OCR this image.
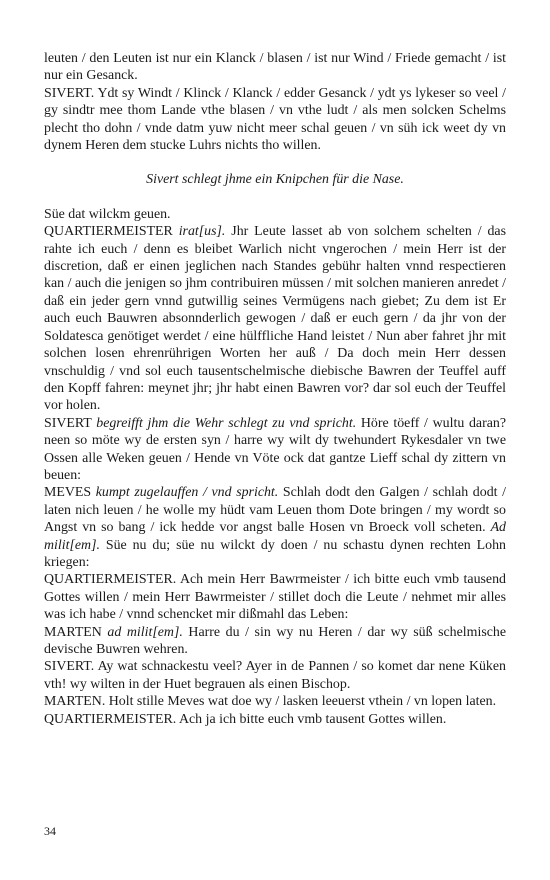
leuten / den Leuten ist nur ein Klanck / blasen / ist nur Wind / Friede gemacht / ist nur ein Gesanck.
SIVERT. Ydt sy Windt / Klinck / Klanck / edder Gesanck / ydt ys lykeser so veel / gy sindtr mee thom Lande vthe blasen / vn vthe ludt / als men solcken Schelms plecht tho dohn / vnde datm yuw nicht meer schal geuen / vn süh ick weet dy vn dynem Heren dem stucke Luhrs nichts tho willen.
Sivert schlegt jhme ein Knipchen für die Nase.
Süe dat wilckm geuen.
QUARTIERMEISTER irat[us]. Jhr Leute lasset ab von solchem schelten / das rahte ich euch / denn es bleibet Warlich nicht vngerochen / mein Herr ist der discretion, daß er einen jeglichen nach Standes gebühr halten vnnd respectieren kan / auch die jenigen so jhm contribuiren müssen / mit solchen manieren anredet / daß ein jeder gern vnnd gutwillig seines Vermügens nach giebet; Zu dem ist Er auch euch Bauwren absonnderlich gewogen / daß er euch gern / da jhr von der Soldatesca genötiget werdet / eine hülffliche Hand leistet / Nun aber fahret jhr mit solchen losen ehrenrührigen Worten her auß / Da doch mein Herr dessen vnschuldig / vnd sol euch tausentschelmische diebische Bawren der Teuffel auff den Kopff fahren: meynet jhr; jhr habt einen Bawren vor? dar sol euch der Teuffel vor holen.
SIVERT begreifft jhm die Wehr schlegt zu vnd spricht. Höre töeff / wultu daran? neen so möte wy de ersten syn / harre wy wilt dy twehundert Rykesdaler vn twe Ossen alle Weken geuen / Hende vn Vöte ock dat gantze Lieff schal dy zittern vn beuen:
MEVES kumpt zugelauffen / vnd spricht. Schlah dodt den Galgen / schlah dodt / laten nich leuen / he wolle my hüdt vam Leuen thom Dote bringen / my wordt so Angst vn so bang / ick hedde vor angst balle Hosen vn Broeck voll scheten. Ad milit[em]. Süe nu du; süe nu wilckt dy doen / nu schastu dynen rechten Lohn kriegen:
QUARTIERMEISTER. Ach mein Herr Bawrmeister / ich bitte euch vmb tausend Gottes willen / mein Herr Bawrmeister / stillet doch die Leute / nehmet mir alles was ich habe / vnnd schencket mir dißmahl das Leben:
MARTEN ad milit[em]. Harre du / sin wy nu Heren / dar wy süß schelmische devische Buwren wehren.
SIVERT. Ay wat schnackestu veel? Ayer in de Pannen / so komet dar nene Küken vth! wy wilten in der Huet begrauen als einen Bischop.
MARTEN. Holt stille Meves wat doe wy / lasken leeuerst vthein / vn lopen laten.
QUARTIERMEISTER. Ach ja ich bitte euch vmb tausent Gottes willen.
34
